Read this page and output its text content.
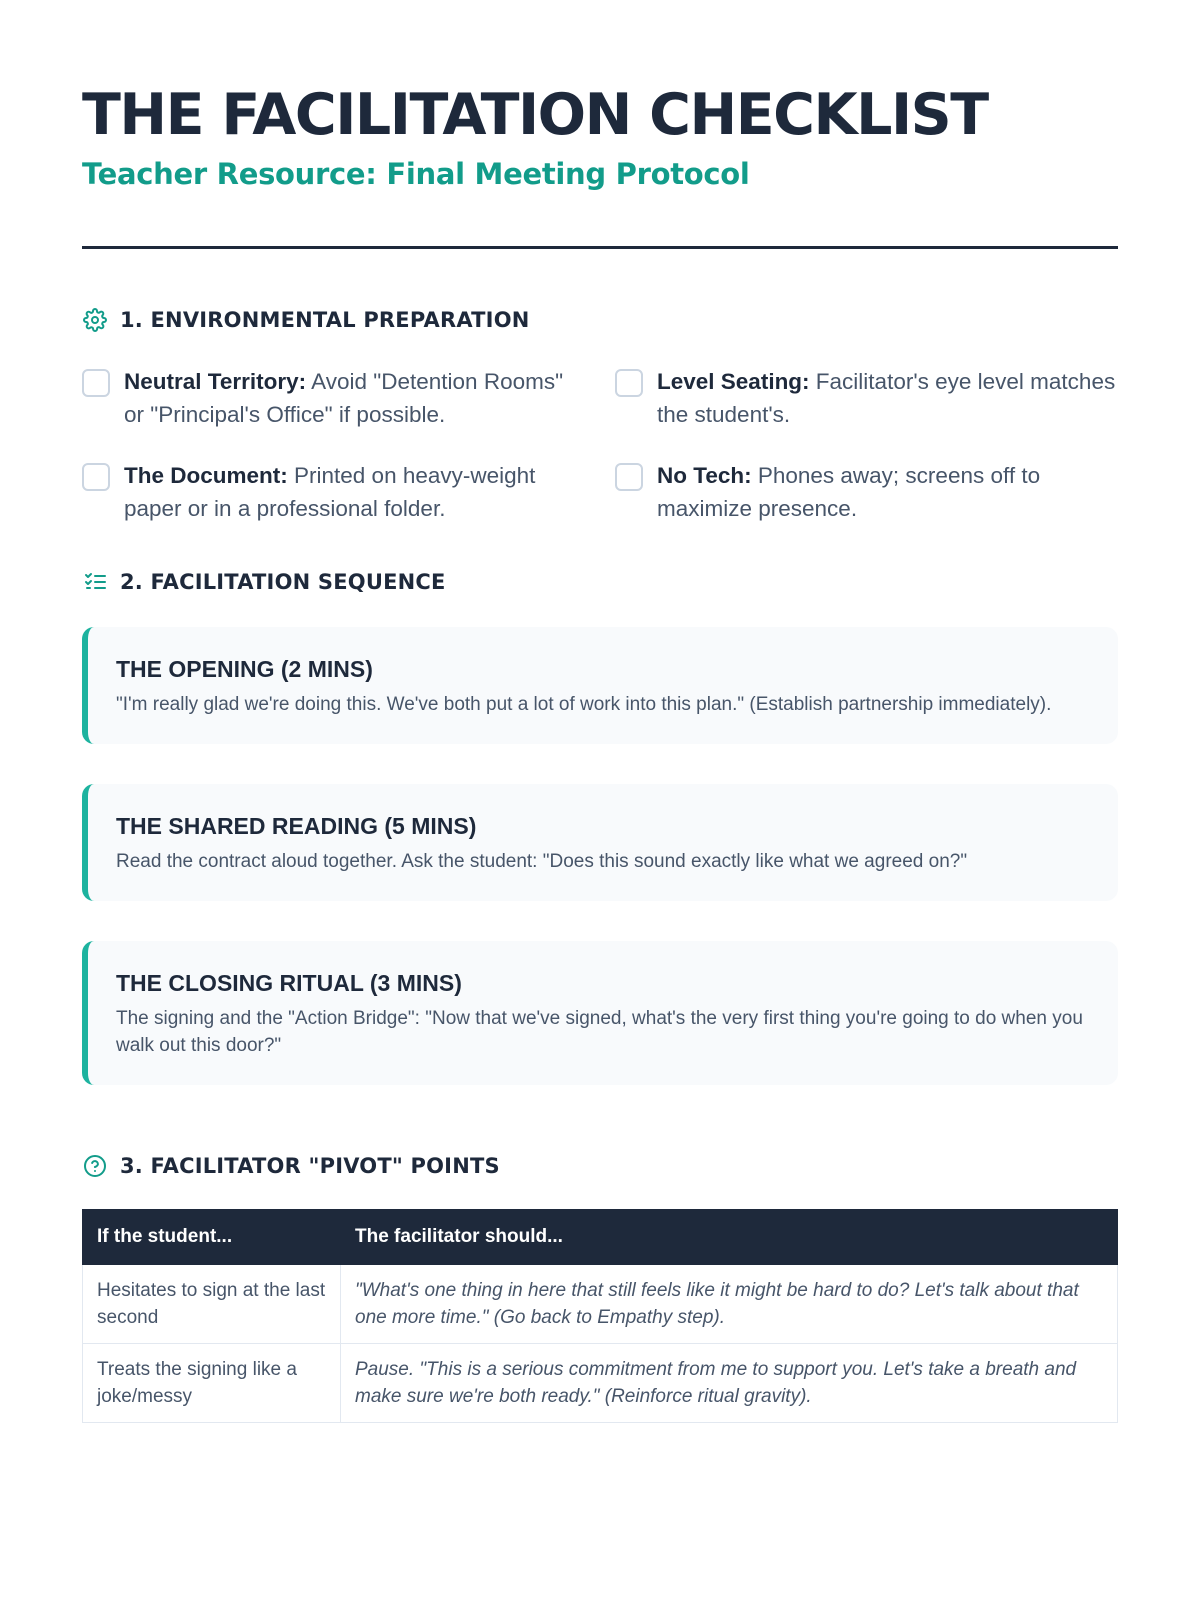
THE FACILITATION CHECKLIST
Teacher Resource: Final Meeting Protocol
1. ENVIRONMENTAL PREPARATION
Neutral Territory: Avoid "Detention Rooms" or "Principal's Office" if possible.
Level Seating: Facilitator's eye level matches the student's.
The Document: Printed on heavy-weight paper or in a professional folder.
No Tech: Phones away; screens off to maximize presence.
2. FACILITATION SEQUENCE
THE OPENING (2 MINS)
"I'm really glad we're doing this. We've both put a lot of work into this plan." (Establish partnership immediately).
THE SHARED READING (5 MINS)
Read the contract aloud together. Ask the student: "Does this sound exactly like what we agreed on?"
THE CLOSING RITUAL (3 MINS)
The signing and the "Action Bridge": "Now that we've signed, what's the very first thing you're going to do when you walk out this door?"
3. FACILITATOR "PIVOT" POINTS
If the student...	The facilitator should...
Hesitates to sign at the last second	"What's one thing in here that still feels like it might be hard to do? Let's talk about that one more time." (Go back to Empathy step).
Treats the signing like a joke/messy	Pause. "This is a serious commitment from me to support you. Let's take a breath and make sure we're both ready." (Reinforce ritual gravity).
